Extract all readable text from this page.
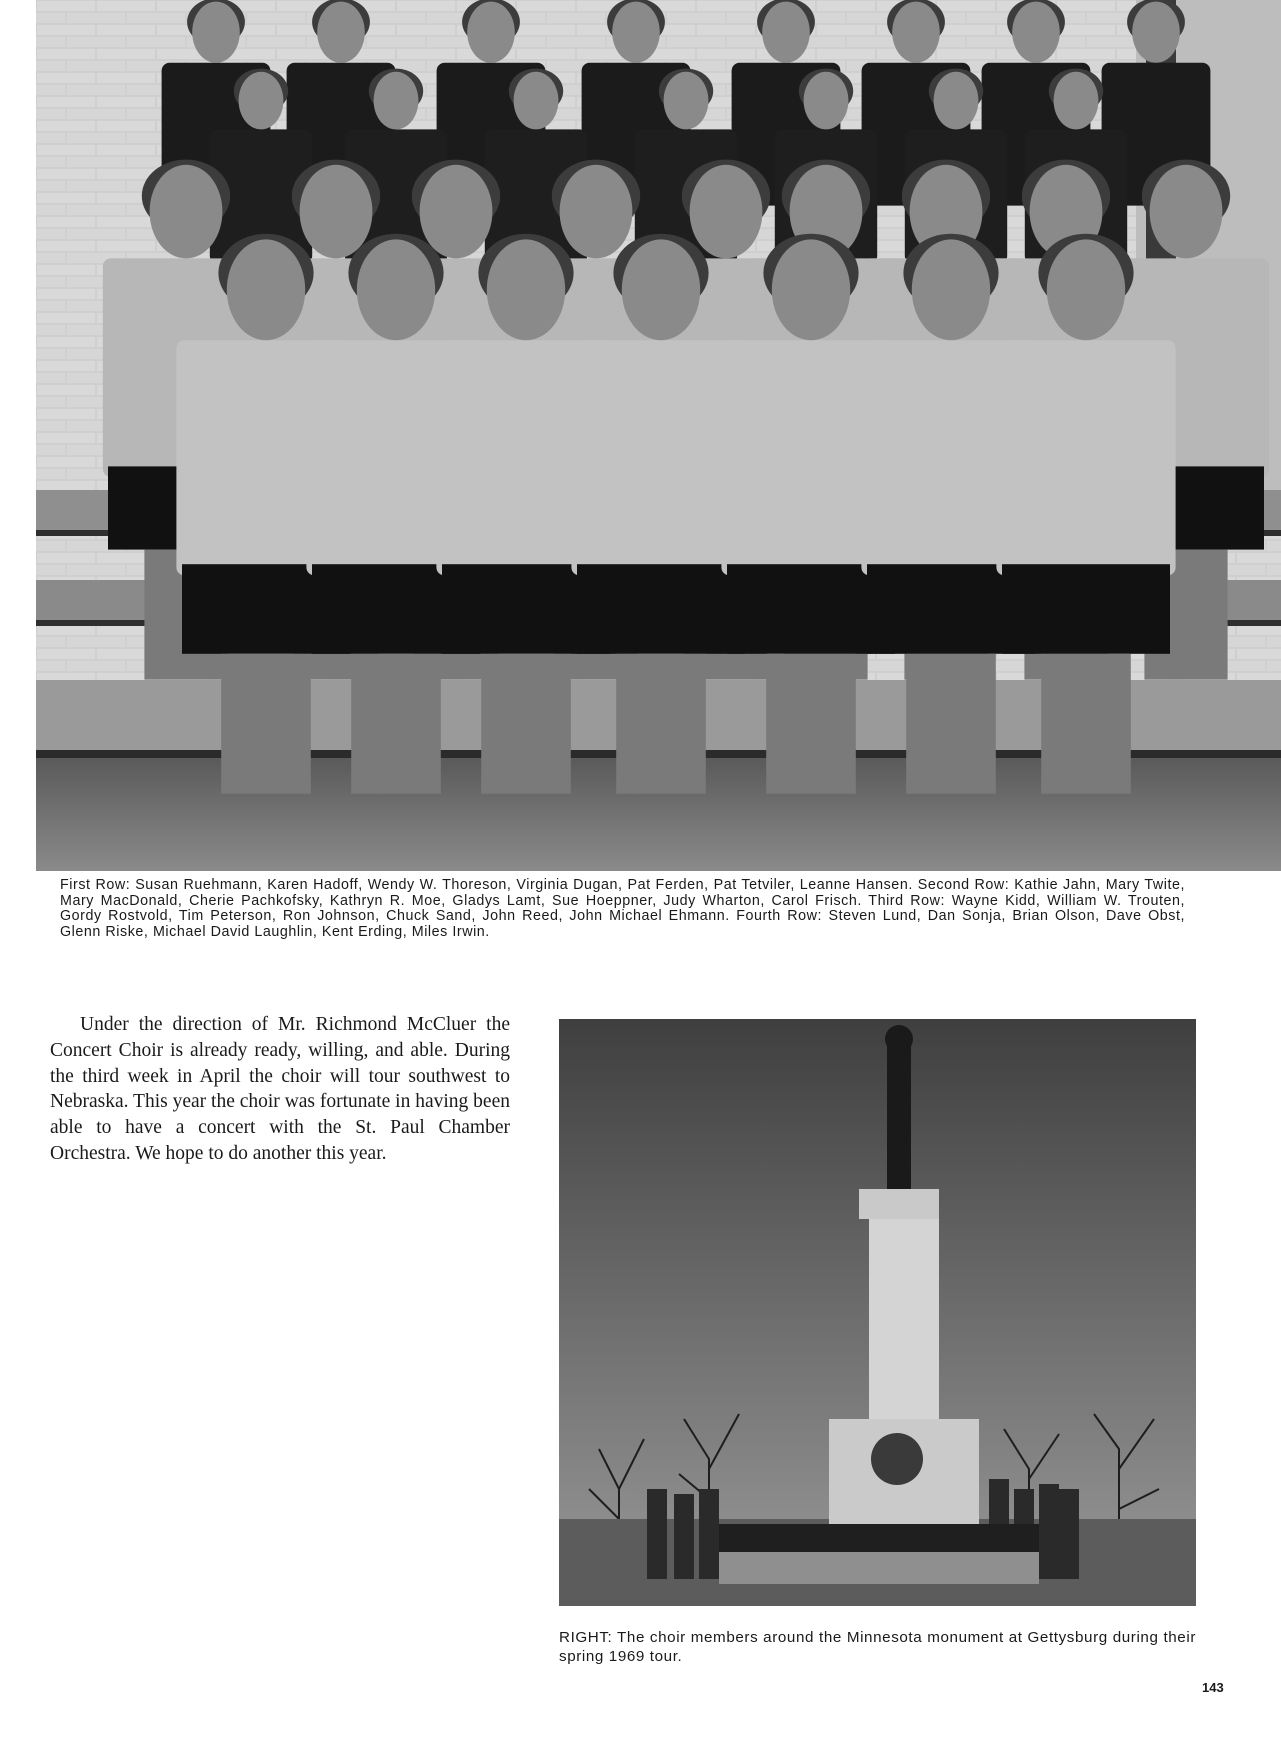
First Row: Susan Ruehmann, Karen Hadoff, Wendy W. Thoreson, Virginia Dugan, Pat Ferden, Pat Tetviler, Leanne Hansen. Second Row: Kathie Jahn, Mary Twite, Mary MacDonald, Cherie Pachkofsky, Kathryn R. Moe, Gladys Lamt, Sue Hoeppner, Judy Wharton, Carol Frisch. Third Row: Wayne Kidd, William W. Trouten, Gordy Rostvold, Tim Peterson, Ron Johnson, Chuck Sand, John Reed, John Michael Ehmann. Fourth Row: Steven Lund, Dan Sonja, Brian Olson, Dave Obst, Glenn Riske, Michael David Laughlin, Kent Erding, Miles Irwin.
Under the direction of Mr. Richmond McCluer the Concert Choir is already ready, willing, and able. During the third week in April the choir will tour southwest to Nebraska. This year the choir was fortunate in having been able to have a concert with the St. Paul Chamber Orchestra. We hope to do another this year.
RIGHT: The choir members around the Minnesota monument at Gettysburg during their spring 1969 tour.
143
